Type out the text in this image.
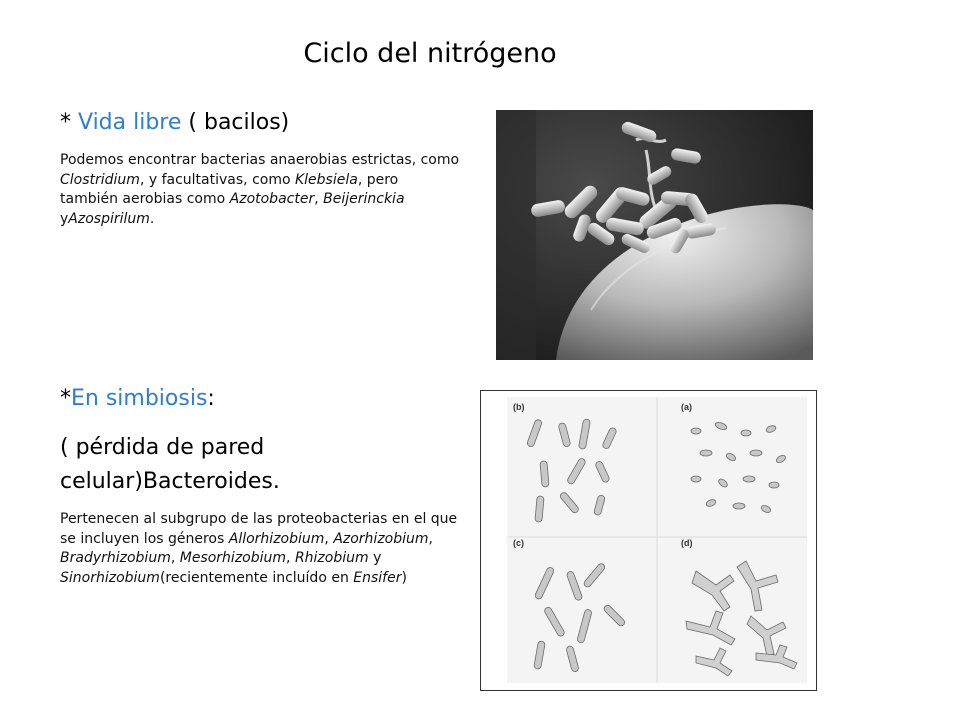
Ciclo del nitrógeno
* Vida libre ( bacilos)

Podemos encontrar bacterias anaerobias estrictas, como Clostridium, y facultativas, como Klebsiela, pero también aerobias como Azotobacter, Beijerinckia yAzospirilum.

*En simbiosis:
( pérdida de pared celular)Bacteroides.

Pertenecen al subgrupo de las proteobacterias en el que se incluyen los géneros Allorhizobium, Azorhizobium, Bradyrhizobium, Mesorhizobium, Rhizobium y Sinorhizobium(recientemente incluído en Ensifer)

(b)	(a)
(c)	(d)
